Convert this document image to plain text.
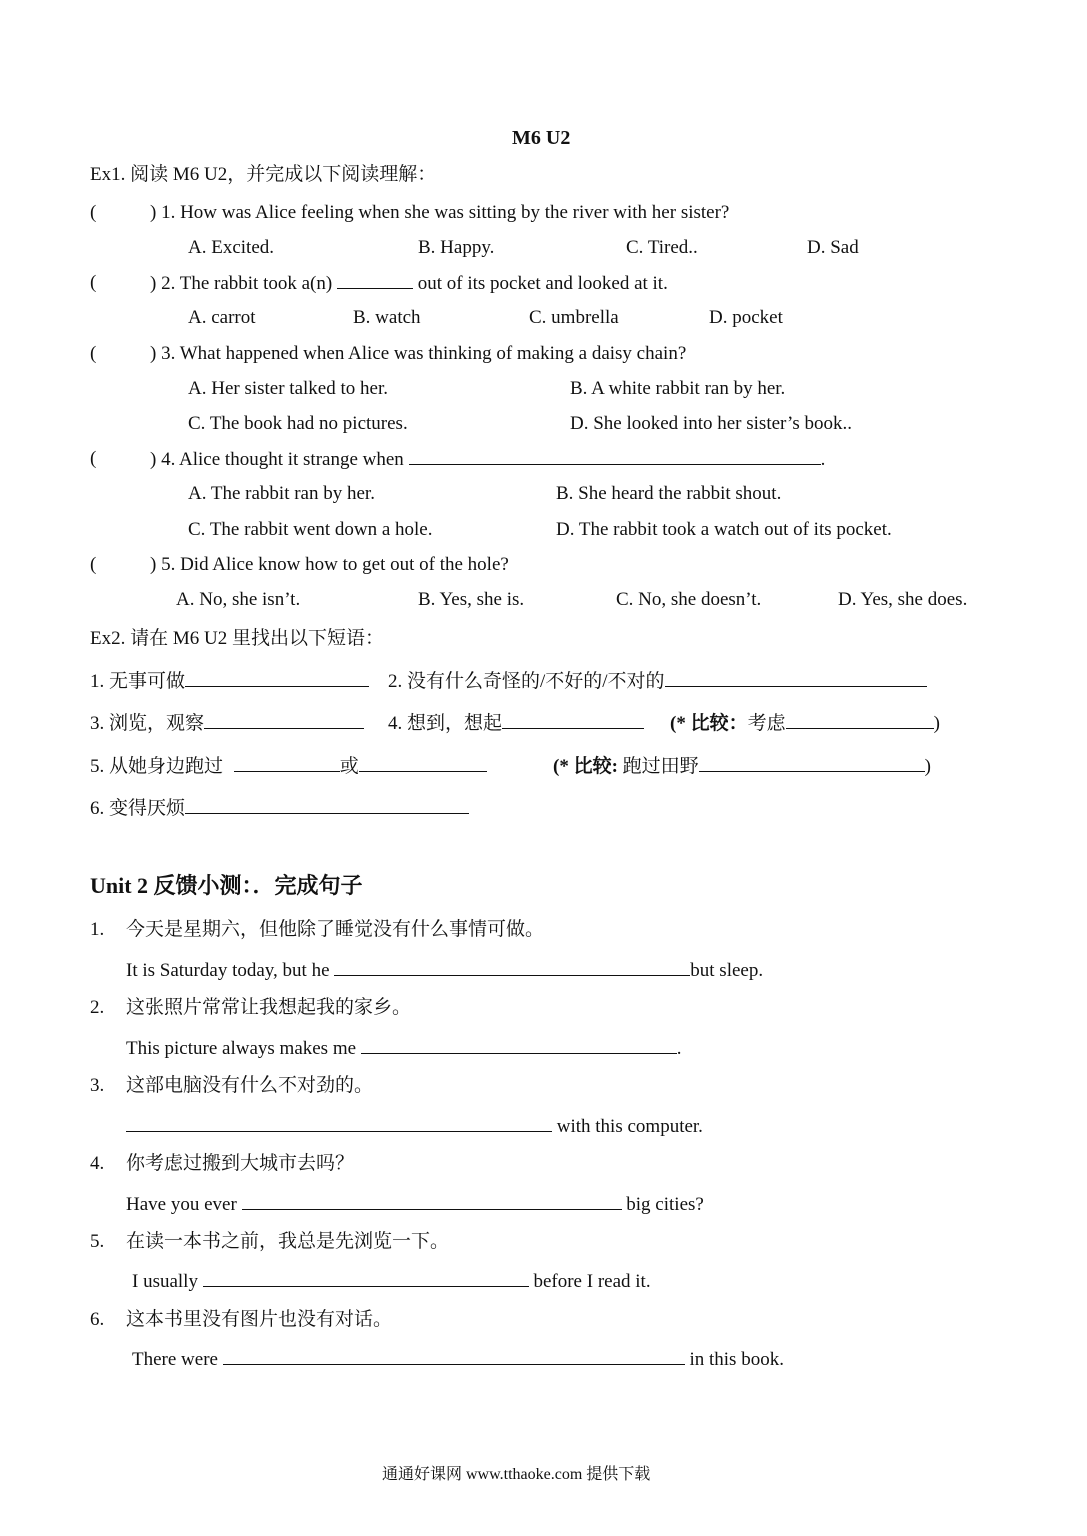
M6 U2
Ex1. 阅读 M6 U2，并完成以下阅读理解：
(	) 1. How was Alice feeling when she was sitting by the river with her sister?
A. Excited.	B. Happy.	C. Tired..	D. Sad
(	) 2. The rabbit took a(n)	out of its pocket and looked at it.
A. carrot	B. watch	C. umbrella	D. pocket
(	) 3. What happened when Alice was thinking of making a daisy chain?
A. Her sister talked to her.	B. A white rabbit ran by her.
C. The book had no pictures.	D. She looked into her sister’s book..
(	) 4. Alice thought it strange when	.
A. The rabbit ran by her.	B. She heard the rabbit shout.
C. The rabbit went down a hole.	D. The rabbit took a watch out of its pocket.
(	) 5. Did Alice know how to get out of the hole?
A. No, she isn’t.	B. Yes, she is.	C. No, she doesn’t.	D. Yes, she does.
Ex2. 请在 M6 U2 里找出以下短语：
1. 无事可做	2. 没有什么奇怪的/不好的/不对的
3. 浏览，观察	4. 想到，想起	(* 比较：考虑	)
5. 从她身边跑过	或	(* 比较: 跑过田野	)
6. 变得厌烦
Unit 2 反馈小测：．完成句子
1. 今天是星期六，但他除了睡觉没有什么事情可做。
It is Saturday today, but he	but sleep.
2. 这张照片常常让我想起我的家乡。
This picture always makes me	.
3. 这部电脑没有什么不对劲的。
with this computer.
4. 你考虑过搬到大城市去吗？
Have you ever	big cities?
5. 在读一本书之前，我总是先浏览一下。
I usually	before I read it.
6. 这本书里没有图片也没有对话。
There were	in this book.
通通好课网 www.tthaoke.com 提供下载
